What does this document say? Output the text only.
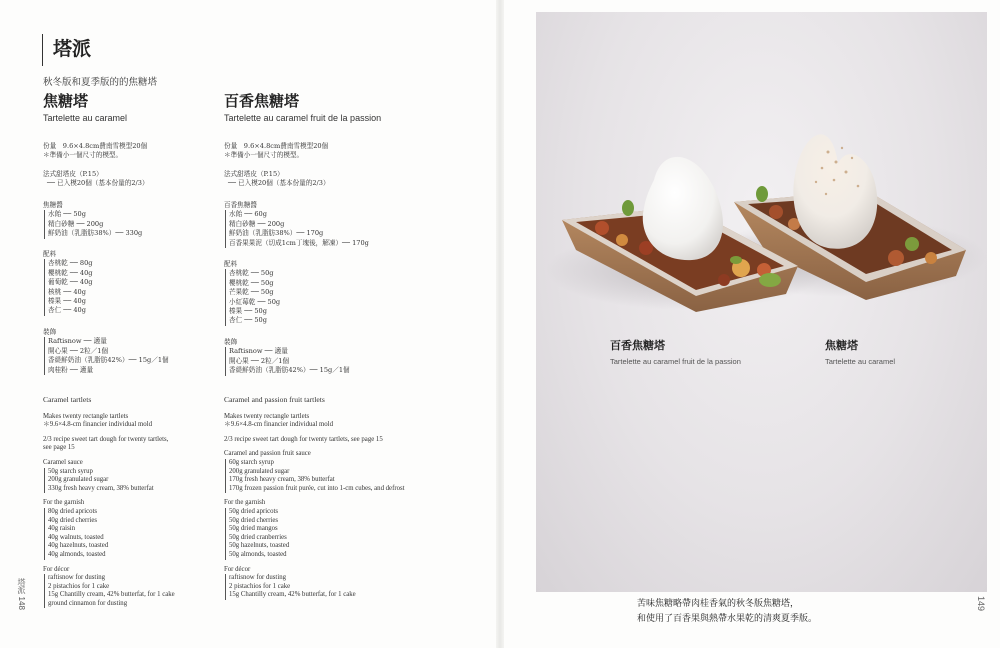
塔派
秋冬版和夏季版的的焦糖塔
焦糖塔
Tartelette au caramel
份量　9.6×4.8cm費南雪模型20個
＊準備小一個尺寸的模型。
法式甜塔皮（P.15）
── 已入模20個（基本份量的2/3）
焦糖醬
水飴 ── 50g
精白砂糖 ── 200g
鮮奶油（乳脂肪38%）── 330g
配料
杏桃乾 ── 80g
櫻桃乾 ── 40g
葡萄乾 ── 40g
核桃 ── 40g
榛果 ── 40g
杏仁 ── 40g
裝飾
Raftisnow ── 適量
開心果 ── 2粒／1個
香緹鮮奶油（乳脂肪42%）── 15g／1個
肉桂粉 ── 適量
Caramel tartlets
Makes twenty rectangle tartlets
＊9.6×4.8-cm financier individual mold
2/3 recipe sweet tart dough for twenty tartlets,
see page 15
Caramel sauce
50g starch syrup
200g granulated sugar
330g fresh heavy cream, 38% butterfat
For the garnish
80g dried apricots
40g dried cherries
40g raisin
40g walnuts, toasted
40g hazelnuts, toasted
40g almonds, toasted
For décor
raftisnow for dusting
2 pistachios for 1 cake
15g Chantilly cream, 42% butterfat, for 1 cake
ground cinnamon for dusting
百香焦糖塔
Tartelette au caramel fruit de la passion
份量　9.6×4.8cm費南雪模型20個
＊準備小一個尺寸的模型。
法式甜塔皮（P.15）
── 已入模20個（基本份量的2/3）
百香焦糖醬
水飴 ── 60g
精白砂糖 ── 200g
鮮奶油（乳脂肪38%）── 170g
百香果果泥（切成1cm丁塊後，解凍）── 170g
配料
杏桃乾 ── 50g
櫻桃乾 ── 50g
芒果乾 ── 50g
小紅莓乾 ── 50g
榛果 ── 50g
杏仁 ── 50g
裝飾
Raftisnow ── 適量
開心果 ── 2粒／1個
香緹鮮奶油（乳脂肪42%）── 15g／1個
Caramel and passion fruit tartlets
Makes twenty rectangle tartlets
＊9.6×4.8-cm financier individual mold
2/3 recipe sweet tart dough for twenty tartlets, see page 15
Caramel and passion fruit sauce
60g starch syrup
200g granulated sugar
170g fresh heavy cream, 38% butterfat
170g frozen passion fruit purée, cut into 1-cm cubes, and defrost
For the garnish
50g dried apricots
50g dried cherries
50g dried mangos
50g dried cranberries
50g hazelnuts, toasted
50g almonds, toasted
For décor
raftisnow for dusting
2 pistachios for 1 cake
15g Chantilly cream, 42% butterfat, for 1 cake
塔派 148	149
百香焦糖塔
Tartelette au caramel fruit de la passion
焦糖塔
Tartelette au caramel
苦味焦糖略帶肉桂香氣的秋冬版焦糖塔，
和使用了百香果與熱帶水果乾的清爽夏季版。
